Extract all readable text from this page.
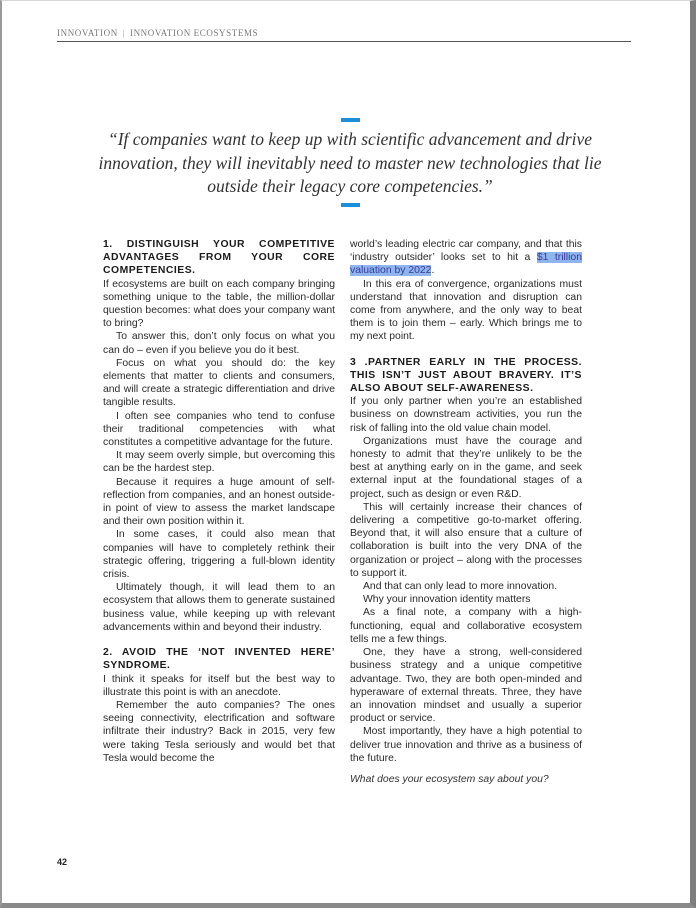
INNOVATION | INNOVATION ECOSYSTEMS
“If companies want to keep up with scientific advancement and drive innovation, they will inevitably need to master new technologies that lie outside their legacy core competencies.”
1. DISTINGUISH YOUR COMPETITIVE ADVANTAGES FROM YOUR CORE COMPETENCIES.

If ecosystems are built on each company bringing something unique to the table, the million-dollar question becomes: what does your company want to bring?

To answer this, don’t only focus on what you can do – even if you believe you do it best.

Focus on what you should do: the key elements that matter to clients and consumers, and will create a strategic differentiation and drive tangible results.

I often see companies who tend to confuse their traditional competencies with what constitutes a competitive advantage for the future.

It may seem overly simple, but overcoming this can be the hardest step.

Because it requires a huge amount of self-reflection from companies, and an honest outside-in point of view to assess the market landscape and their own position within it.

In some cases, it could also mean that companies will have to completely rethink their strategic offering, triggering a full-blown identity crisis.

Ultimately though, it will lead them to an ecosystem that allows them to generate sustained business value, while keeping up with relevant advancements within and beyond their industry.

2. AVOID THE ‘NOT INVENTED HERE’ SYNDROME.

I think it speaks for itself but the best way to illustrate this point is with an anecdote.

Remember the auto companies? The ones seeing connectivity, electrification and software infiltrate their industry? Back in 2015, very few were taking Tesla seriously and would bet that Tesla would become the

world’s leading electric car company, and that this ‘industry outsider’ looks set to hit a $1 trillion valuation by 2022.

In this era of convergence, organizations must understand that innovation and disruption can come from anywhere, and the only way to beat them is to join them – early. Which brings me to my next point.

3 .PARTNER EARLY IN THE PROCESS. THIS ISN’T JUST ABOUT BRAVERY. IT’S ALSO ABOUT SELF-AWARENESS.

If you only partner when you’re an established business on downstream activities, you run the risk of falling into the old value chain model.

Organizations must have the courage and honesty to admit that they’re unlikely to be the best at anything early on in the game, and seek external input at the foundational stages of a project, such as design or even R&D.

This will certainly increase their chances of delivering a competitive go-to-market offering. Beyond that, it will also ensure that a culture of collaboration is built into the very DNA of the organization or project – along with the processes to support it.

And that can only lead to more innovation.

Why your innovation identity matters

As a final note, a company with a high-functioning, equal and collaborative ecosystem tells me a few things.

One, they have a strong, well-considered business strategy and a unique competitive advantage. Two, they are both open-minded and hyperaware of external threats. Three, they have an innovation mindset and usually a superior product or service.

Most importantly, they have a high potential to deliver true innovation and thrive as a business of the future.

What does your ecosystem say about you?

42
